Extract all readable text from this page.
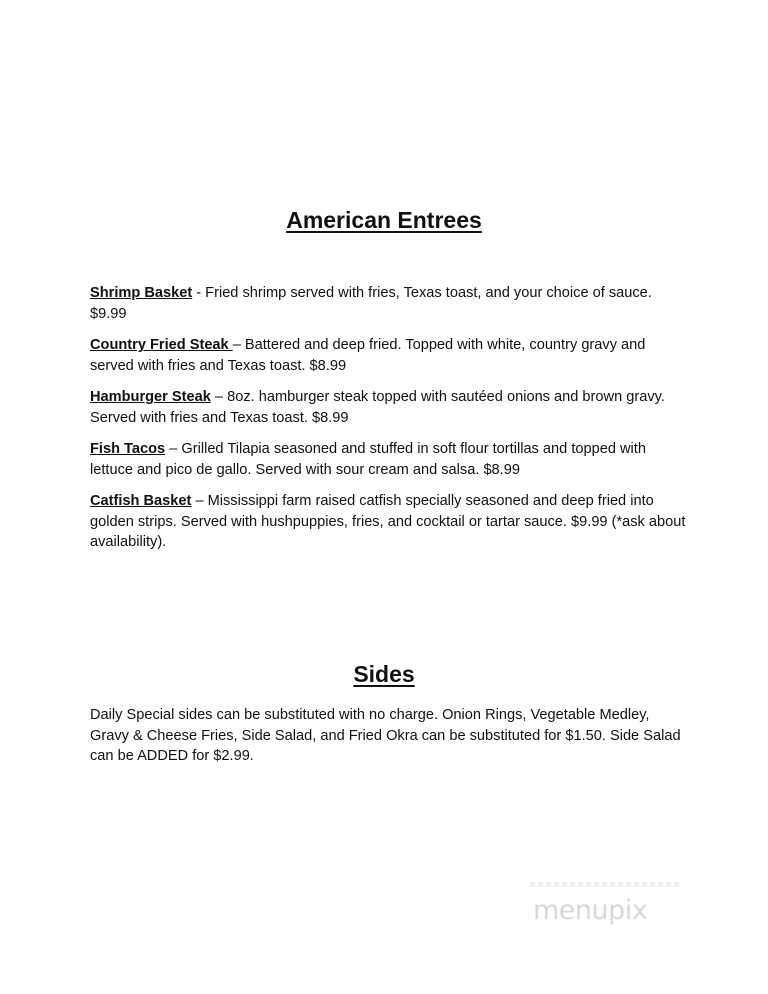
American Entrees

Shrimp Basket - Fried shrimp served with fries, Texas toast, and your choice of sauce. $9.99

Country Fried Steak – Battered and deep fried. Topped with white, country gravy and served with fries and Texas toast. $8.99

Hamburger Steak – 8oz. hamburger steak topped with sautéed onions and brown gravy. Served with fries and Texas toast. $8.99

Fish Tacos – Grilled Tilapia seasoned and stuffed in soft flour tortillas and topped with lettuce and pico de gallo. Served with sour cream and salsa. $8.99

Catfish Basket – Mississippi farm raised catfish specially seasoned and deep fried into golden strips. Served with hushpuppies, fries, and cocktail or tartar sauce. $9.99 (*ask about availability).

Sides

Daily Special sides can be substituted with no charge. Onion Rings, Vegetable Medley, Gravy & Cheese Fries, Side Salad, and Fried Okra can be substituted for $1.50. Side Salad can be ADDED for $2.99.

menupix
